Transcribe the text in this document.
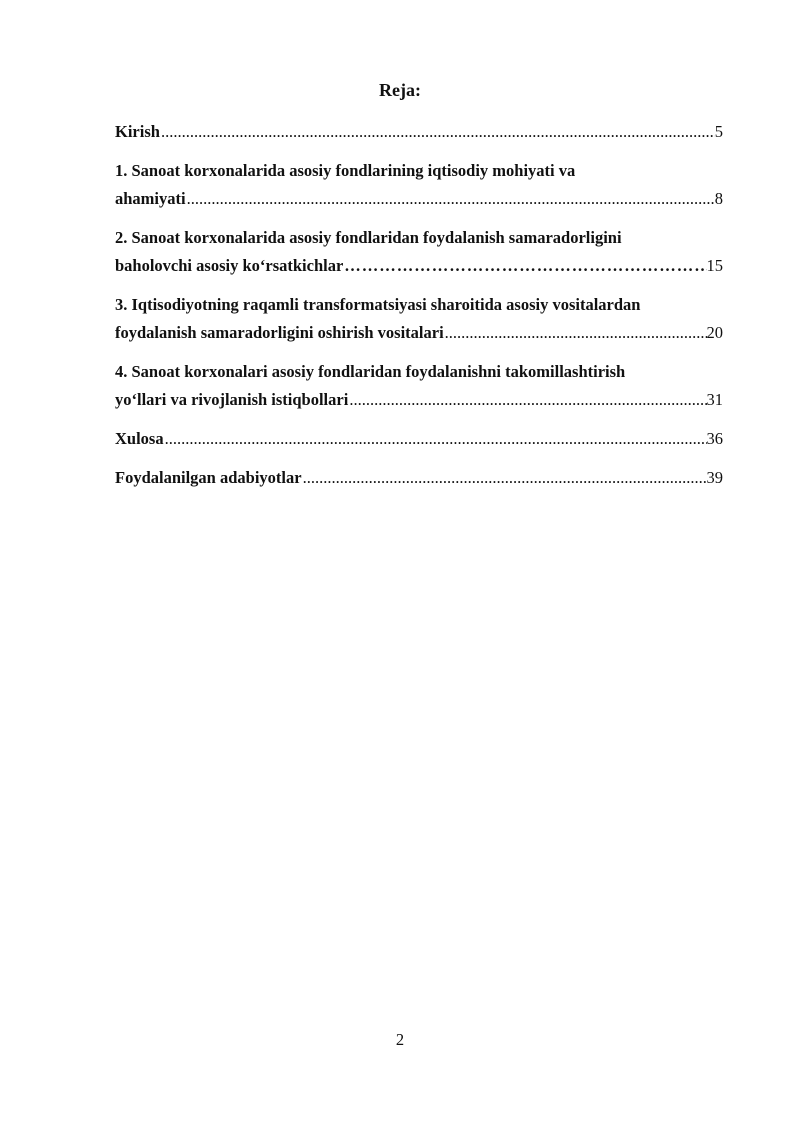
Reja:
Kirish .....	5
1. Sanoat korxonalarida asosiy fondlarining iqtisodiy mohiyati va
ahamiyati .....	8
2. Sanoat korxonalarida asosiy fondlaridan foydalanish samaradorligini
baholovchi asosiy ko‘rsatkichlar …………………………………………………………………………………………………………………………………………………………………………………………………	15
3. Iqtisodiyotning raqamli transformatsiyasi sharoitida asosiy vositalardan
foydalanish samaradorligini oshirish vositalari .....	20
4. Sanoat korxonalari asosiy fondlaridan foydalanishni takomillashtirish
yo‘llari va rivojlanish istiqbollari .....	31
Xulosa .....	36
Foydalanilgan adabiyotlar .....	39
2
